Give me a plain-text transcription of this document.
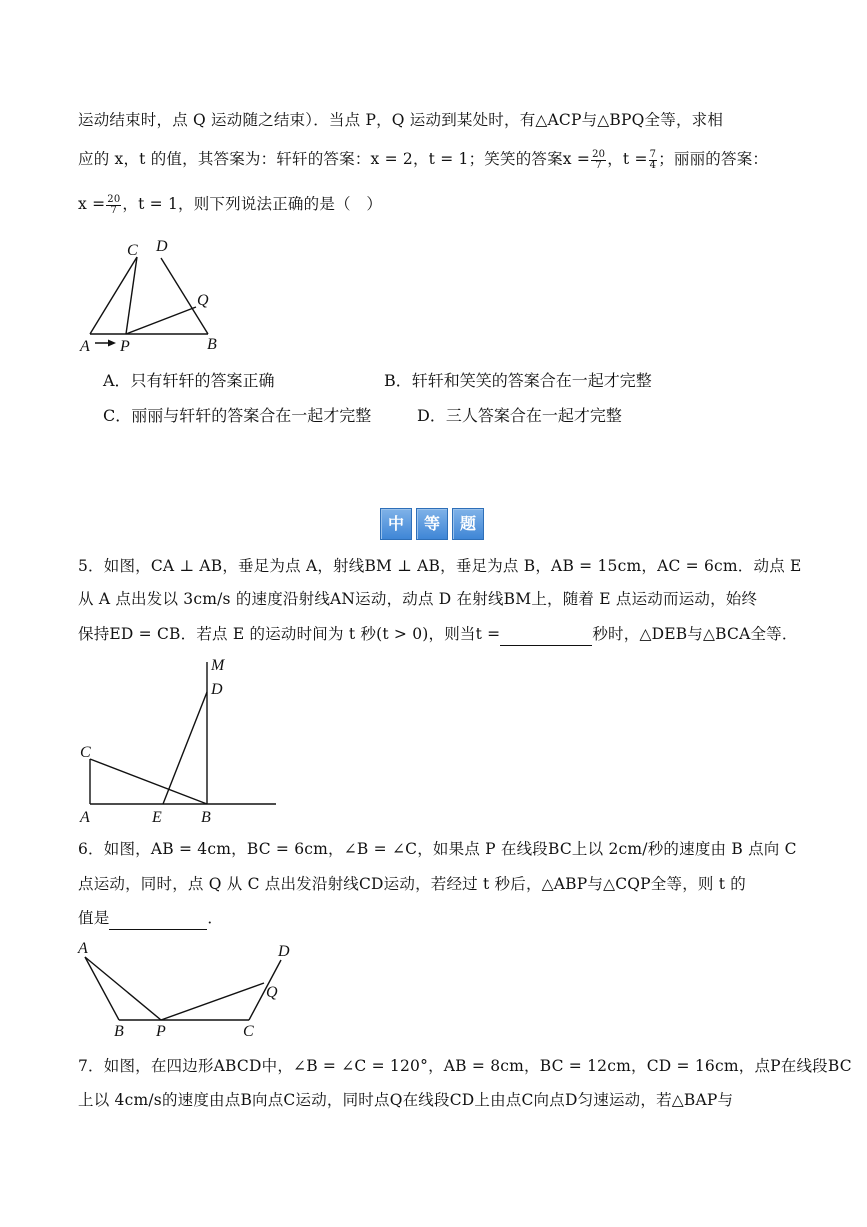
运动结束时，点 Q 运动随之结束）．当点 P，Q 运动到某处时，有△ACP与△BPQ全等，求相
应的 x，t 的值，其答案为：轩轩的答案：x = 2，t = 1；笑笑的答案$x = \frac{20}{7}$ ，$t = \frac{7}{4}$ ；丽丽的答案：
$x = \frac{20}{7}$ ，t = 1，则下列说法正确的是（　）
C D
Q
A P	B
A．只有轩轩的答案正确	B．轩轩和笑笑的答案合在一起才完整
C．丽丽与轩轩的答案合在一起才完整	D．三人答案合在一起才完整
中	等	题
5．如图，CA ⊥ AB，垂足为点 A，射线BM ⊥ AB，垂足为点 B，AB = 15cm，AC = 6cm．动点 E
从 A 点出发以 3cm/s 的速度沿射线AN运动，动点 D 在射线BM上，随着 E 点运动而运动，始终
保持ED = CB．若点 E 的运动时间为 t 秒(t > 0)，则当t =	秒时，△DEB与△BCA全等．
M
D
C
A	E B
6．如图，AB = 4cm，BC = 6cm，∠B = ∠C，如果点 P 在线段BC上以 2cm/秒的速度由 B 点向 C
点运动，同时，点 Q 从 C 点出发沿射线CD运动，若经过 t 秒后，△ABP与△CQP全等，则 t 的
值是	．
A	D
Q
B P	C
7．如图，在四边形ABCD中，∠B = ∠C = 120°，AB = 8cm，BC = 12cm，CD = 16cm，点P在线段BC
上以 4cm/s的速度由点B向点C运动，同时点Q在线段CD上由点C向点D匀速运动，若△BAP与
